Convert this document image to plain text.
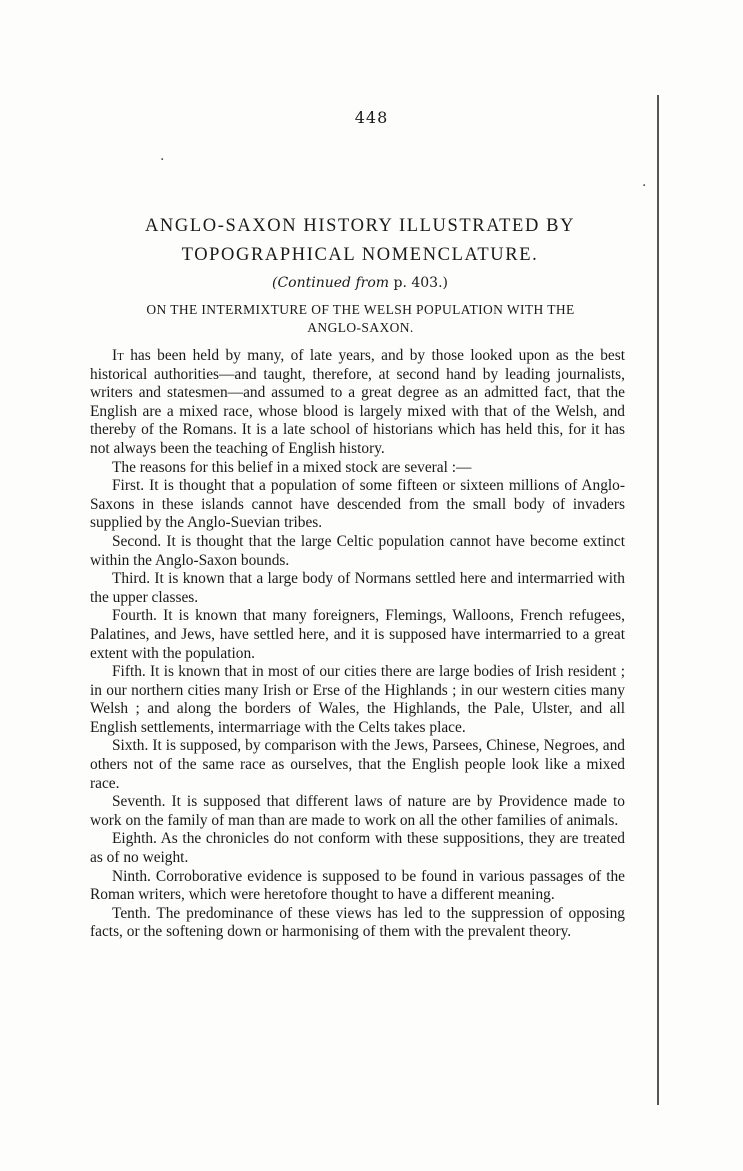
·
·
448
ANGLO-SAXON HISTORY ILLUSTRATED BY
TOPOGRAPHICAL NOMENCLATURE.
(Continued from p. 403.)
ON THE INTERMIXTURE OF THE WELSH POPULATION WITH THE
ANGLO-SAXON.

It has been held by many, of late years, and by those looked upon as the best historical authorities—and taught, therefore, at second hand by leading journalists, writers and statesmen—and assumed to a great degree as an admitted fact, that the English are a mixed race, whose blood is largely mixed with that of the Welsh, and thereby of the Romans. It is a late school of historians which has held this, for it has not always been the teaching of English history.

The reasons for this belief in a mixed stock are several :—

First. It is thought that a population of some fifteen or sixteen millions of Anglo-Saxons in these islands cannot have descended from the small body of invaders supplied by the Anglo-Suevian tribes.

Second. It is thought that the large Celtic population cannot have become extinct within the Anglo-Saxon bounds.

Third. It is known that a large body of Normans settled here and intermarried with the upper classes.

Fourth. It is known that many foreigners, Flemings, Walloons, French refugees, Palatines, and Jews, have settled here, and it is supposed have intermarried to a great extent with the population.

Fifth. It is known that in most of our cities there are large bodies of Irish resident ; in our northern cities many Irish or Erse of the Highlands ; in our western cities many Welsh ; and along the borders of Wales, the Highlands, the Pale, Ulster, and all English settlements, intermarriage with the Celts takes place.

Sixth. It is supposed, by comparison with the Jews, Parsees, Chinese, Negroes, and others not of the same race as ourselves, that the English people look like a mixed race.

Seventh. It is supposed that different laws of nature are by Providence made to work on the family of man than are made to work on all the other families of animals.

Eighth. As the chronicles do not conform with these suppositions, they are treated as of no weight.

Ninth. Corroborative evidence is supposed to be found in various passages of the Roman writers, which were heretofore thought to have a different meaning.

Tenth. The predominance of these views has led to the suppression of opposing facts, or the softening down or harmonising of them with the prevalent theory.
